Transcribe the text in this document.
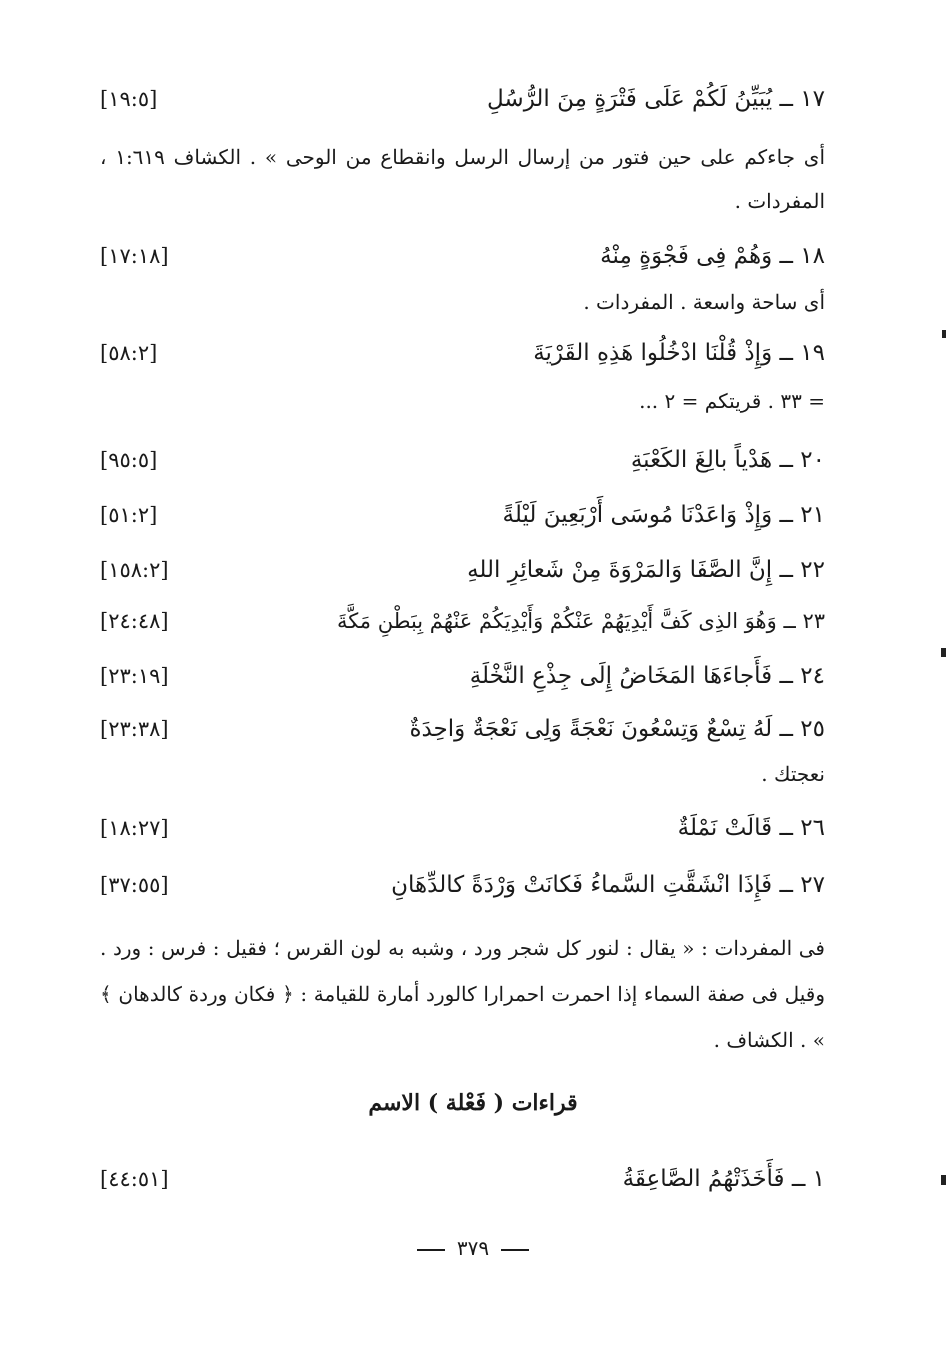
[١٩:٥]	١٧ ــ يُبَيِّنُ لَكُمْ عَلَى فَتْرَةٍ مِنَ الرُّسُلِ
أى جاءكم على حين فتور من إرسال الرسل وانقطاع من الوحى » . الكشاف ١:٦١٩ ، المفردات .
[١٧:١٨]	١٨ ــ وَهُمْ فِى فَجْوَةٍ مِنْهُ
أى ساحة واسعة . المفردات .
[٥٨:٢]	١٩ ــ وَإِذْ قُلْنَا ادْخُلُوا هَذِهِ القَرْيَةَ
= ٣٣ . قريتكم = ٢ ...
[٩٥:٥]	٢٠ ــ هَدْياً بالِغَ الكَعْبَةِ
[٥١:٢]	٢١ ــ وَإِذْ وَاعَدْنَا مُوسَى أَرْبَعِينَ لَيْلَةً
[١٥٨:٢]	٢٢ ــ إِنَّ الصَّفَا وَالمَرْوَةَ مِنْ شَعائِرِ اللهِ
[٢٤:٤٨]	٢٣ ــ وَهُوَ الذِى كَفَّ أَيْدِيَهُمْ عَنْكُمْ وَأَيْدِيَكُمْ عَنْهُمْ بِبَطْنِ مَكَّةَ
[٢٣:١٩]	٢٤ ــ فَأَجاءَهَا المَخَاضُ إِلَى جِذْعِ النَّخْلَةِ
[٢٣:٣٨]	٢٥ ــ لَهُ تِسْعٌ وَتِسْعُونَ نَعْجَةً وَلِى نَعْجَةٌ وَاحِدَةٌ
نعجتك .
[١٨:٢٧]	٢٦ ــ قَالَتْ نَمْلَةٌ
[٣٧:٥٥]	٢٧ ــ فَإِذَا انْشَقَّتِ السَّماءُ فَكانَتْ وَرْدَةً كالدِّهَانِ
فى المفردات : « يقال : لنور كل شجر ورد ، وشبه به لون القرس ؛ فقيل : فرس : ورد . وقيل فى صفة السماء إذا احمرت احمرارا كالورد أمارة للقيامة : ﴿ فكان وردة كالدهان ﴾ » . الكشاف .
قراءات ( فَعْلة ) الاسم
[٤٤:٥١]	١ ــ فَأَخَذَتْهُمُ الصَّاعِقَةُ
٣٧٩
